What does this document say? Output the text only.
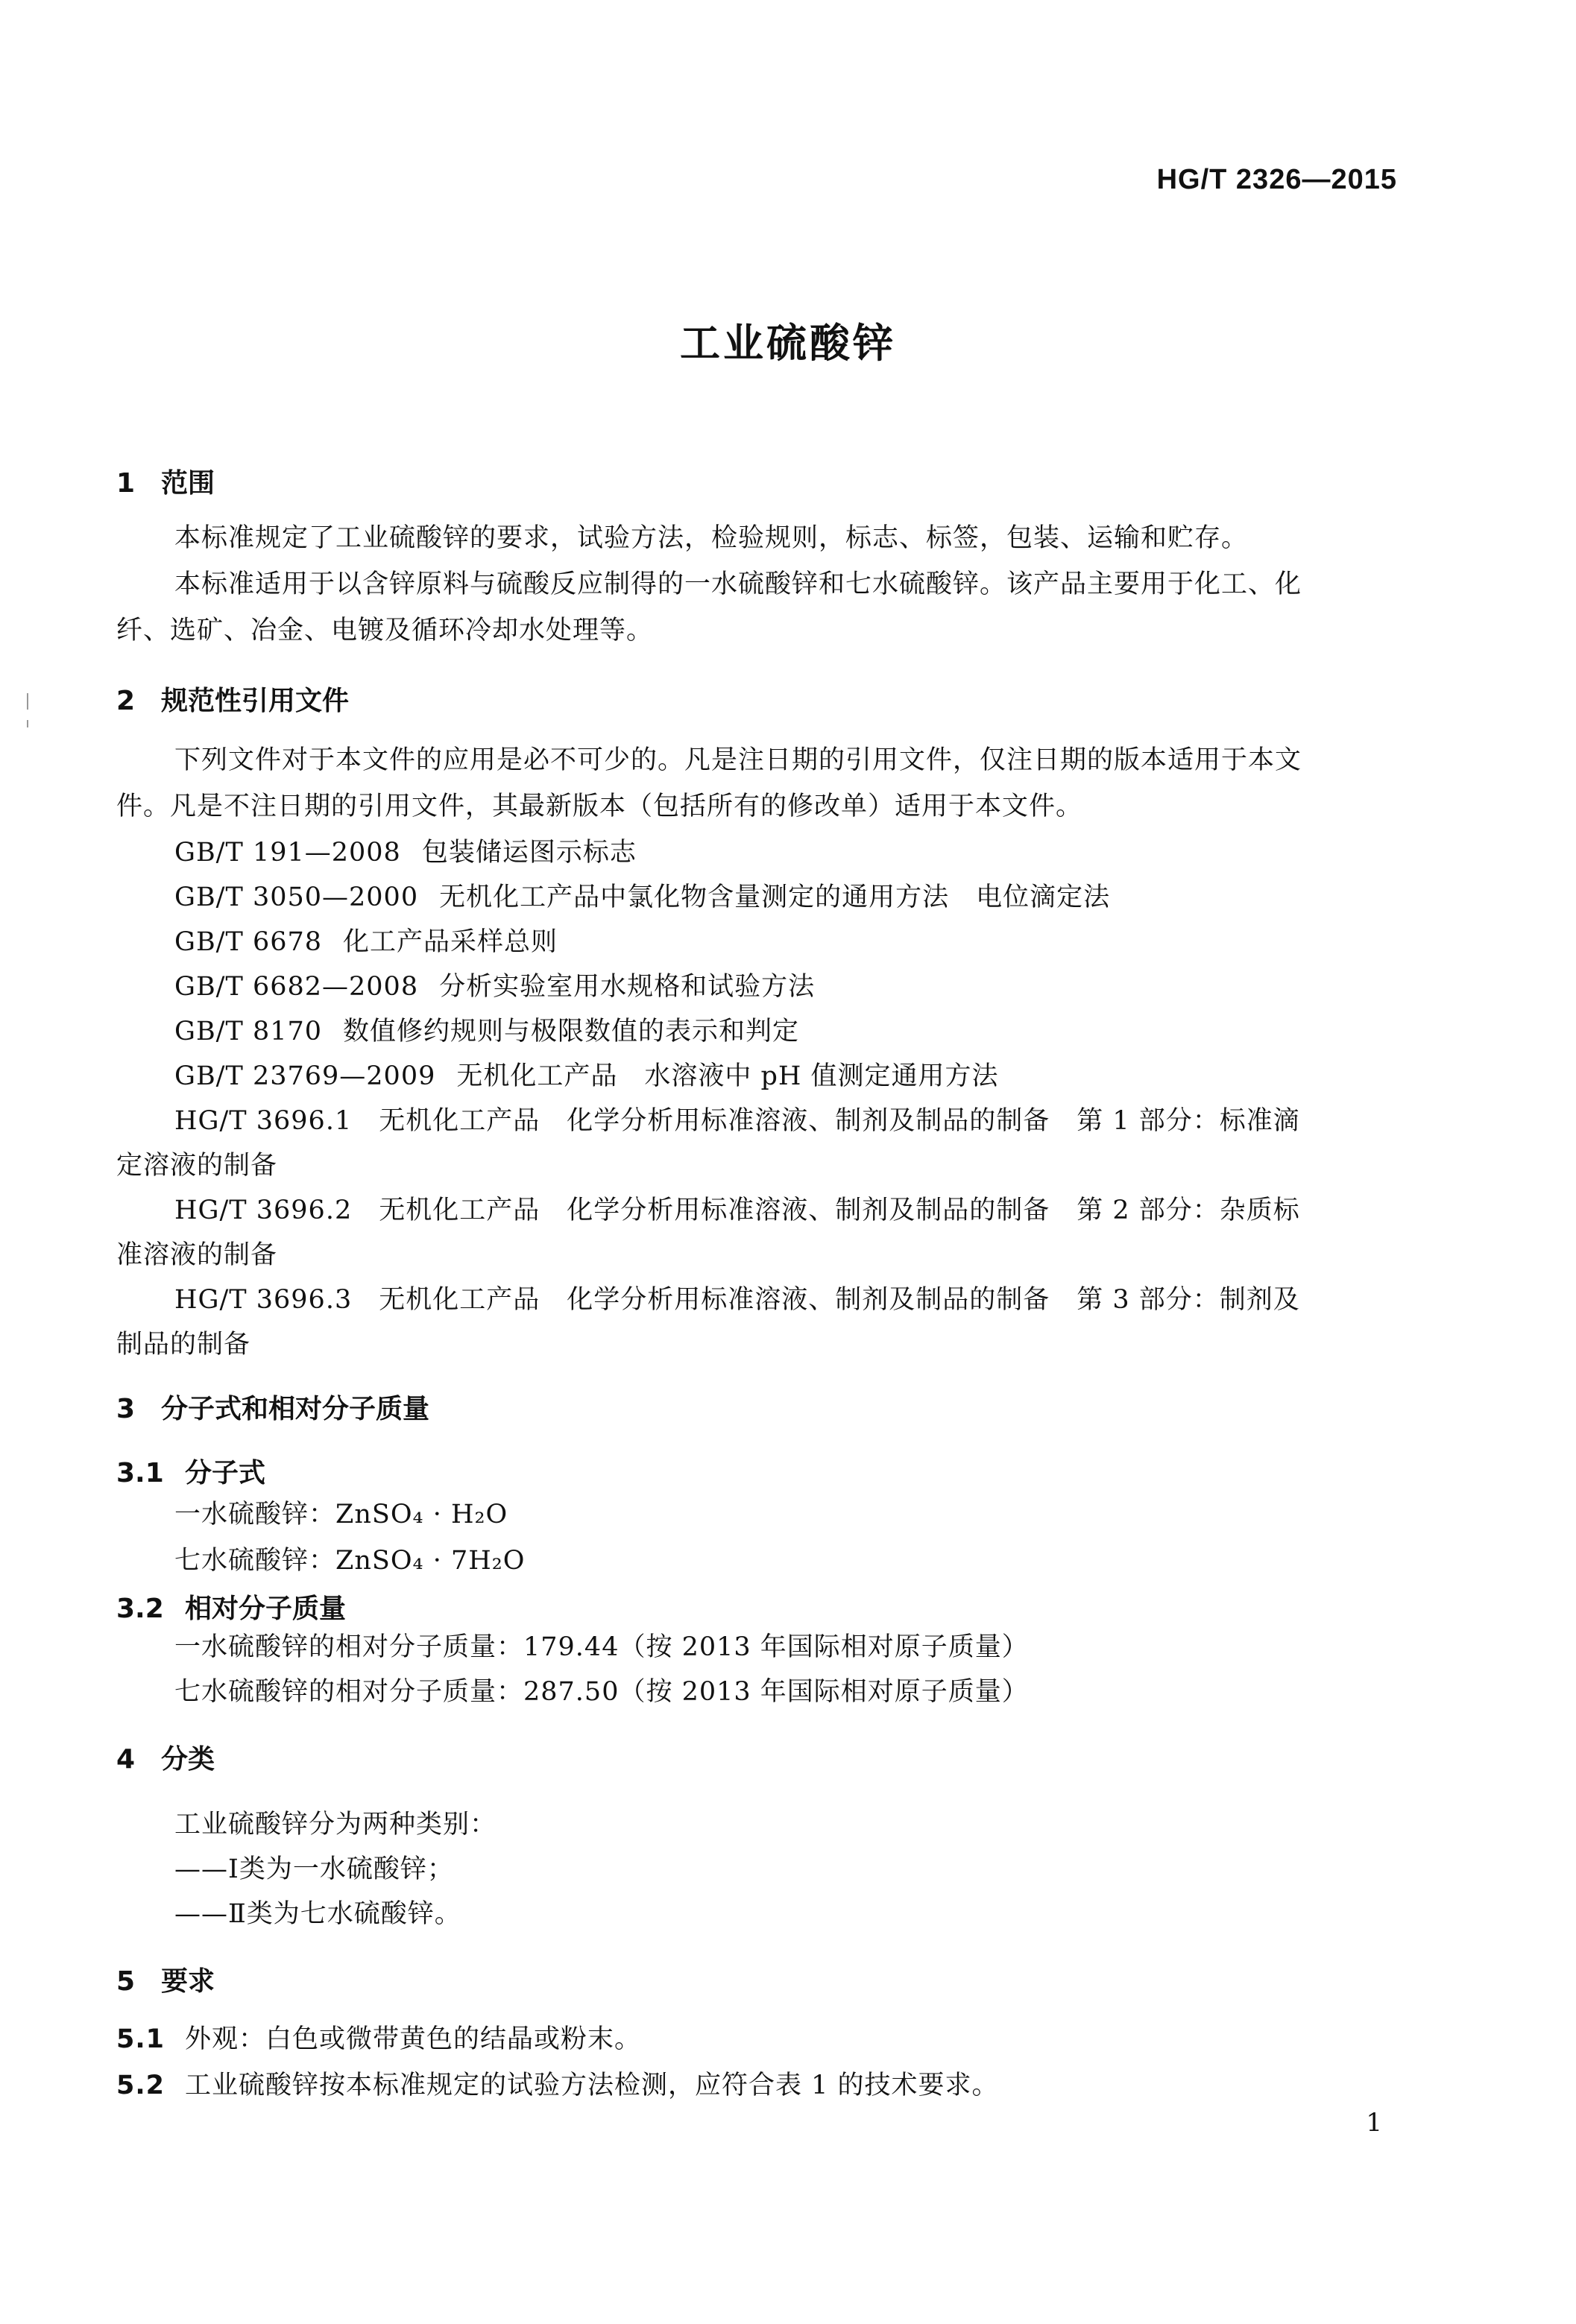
HG/T 2326—2015
工业硫酸锌
1 范围
本标准规定了工业硫酸锌的要求，试验方法，检验规则，标志、标签，包装、运输和贮存。
本标准适用于以含锌原料与硫酸反应制得的一水硫酸锌和七水硫酸锌。该产品主要用于化工、化
纤、选矿、冶金、电镀及循环冷却水处理等。
2 规范性引用文件
下列文件对于本文件的应用是必不可少的。凡是注日期的引用文件，仅注日期的版本适用于本文
件。凡是不注日期的引用文件，其最新版本（包括所有的修改单）适用于本文件。
GB/T 191—2008 包装储运图示标志
GB/T 3050—2000 无机化工产品中氯化物含量测定的通用方法　电位滴定法
GB/T 6678 化工产品采样总则
GB/T 6682—2008 分析实验室用水规格和试验方法
GB/T 8170 数值修约规则与极限数值的表示和判定
GB/T 23769—2009 无机化工产品　水溶液中 pH 值测定通用方法
HG/T 3696.1　无机化工产品　化学分析用标准溶液、制剂及制品的制备　第 1 部分：标准滴
定溶液的制备
HG/T 3696.2　无机化工产品　化学分析用标准溶液、制剂及制品的制备　第 2 部分：杂质标
准溶液的制备
HG/T 3696.3　无机化工产品　化学分析用标准溶液、制剂及制品的制备　第 3 部分：制剂及
制品的制备
3 分子式和相对分子质量
3.1 分子式
一水硫酸锌：ZnSO₄ · H₂O
七水硫酸锌：ZnSO₄ · 7H₂O
3.2 相对分子质量
一水硫酸锌的相对分子质量：179.44（按 2013 年国际相对原子质量）
七水硫酸锌的相对分子质量：287.50（按 2013 年国际相对原子质量）
4 分类
工业硫酸锌分为两种类别：
——Ⅰ类为一水硫酸锌；
——Ⅱ类为七水硫酸锌。
5 要求
5.1 外观：白色或微带黄色的结晶或粉末。
5.2 工业硫酸锌按本标准规定的试验方法检测，应符合表 1 的技术要求。
1
